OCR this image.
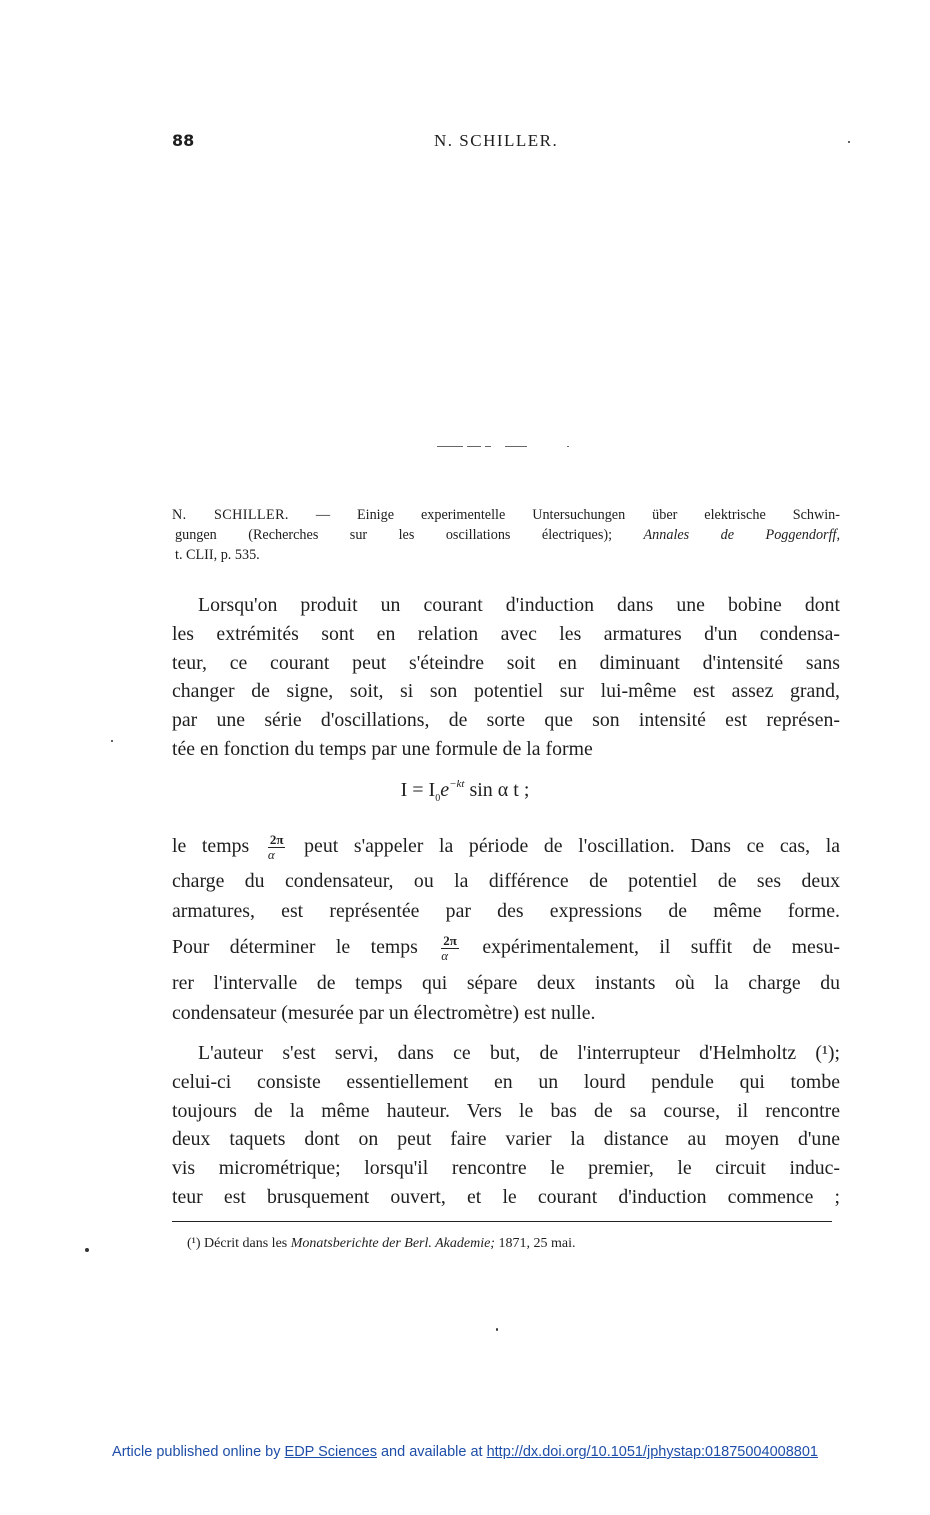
88	N. SCHILLER.
N. SCHILLER. — Einige experimentelle Untersuchungen über elektrische Schwin-
gungen (Recherches sur les oscillations électriques); Annales de Poggendorff,
t. CLII, p. 535.
Lorsqu'on produit un courant d'induction dans une bobine dont
les extrémités sont en relation avec les armatures d'un condensa-
teur, ce courant peut s'éteindre soit en diminuant d'intensité sans
changer de signe, soit, si son potentiel sur lui-même est assez grand,
par une série d'oscillations, de sorte que son intensité est représen-
tée en fonction du temps par une formule de la forme
$I = I_0e^{-kt}$ sin α t ;
le temps $\frac{2\pi}{\alpha}$ peut s'appeler la période de l'oscillation. Dans ce cas, la
charge du condensateur, ou la différence de potentiel de ses deux
armatures, est représentée par des expressions de même forme.
Pour déterminer le temps $\frac{2\pi}{\alpha}$ expérimentalement, il suffit de mesu-
rer l'intervalle de temps qui sépare deux instants où la charge du
condensateur (mesurée par un électromètre) est nulle.
L'auteur s'est servi, dans ce but, de l'interrupteur d'Helmholtz (¹);
celui-ci consiste essentiellement en un lourd pendule qui tombe
toujours de la même hauteur. Vers le bas de sa course, il rencontre
deux taquets dont on peut faire varier la distance au moyen d'une
vis micrométrique; lorsqu'il rencontre le premier, le circuit induc-
teur est brusquement ouvert, et le courant d'induction commence ;
(¹) Décrit dans les Monatsberichte der Berl. Akademie; 1871, 25 mai.
Article published online by EDP Sciences and available at http://dx.doi.org/10.1051/jphystap:01875004008801
